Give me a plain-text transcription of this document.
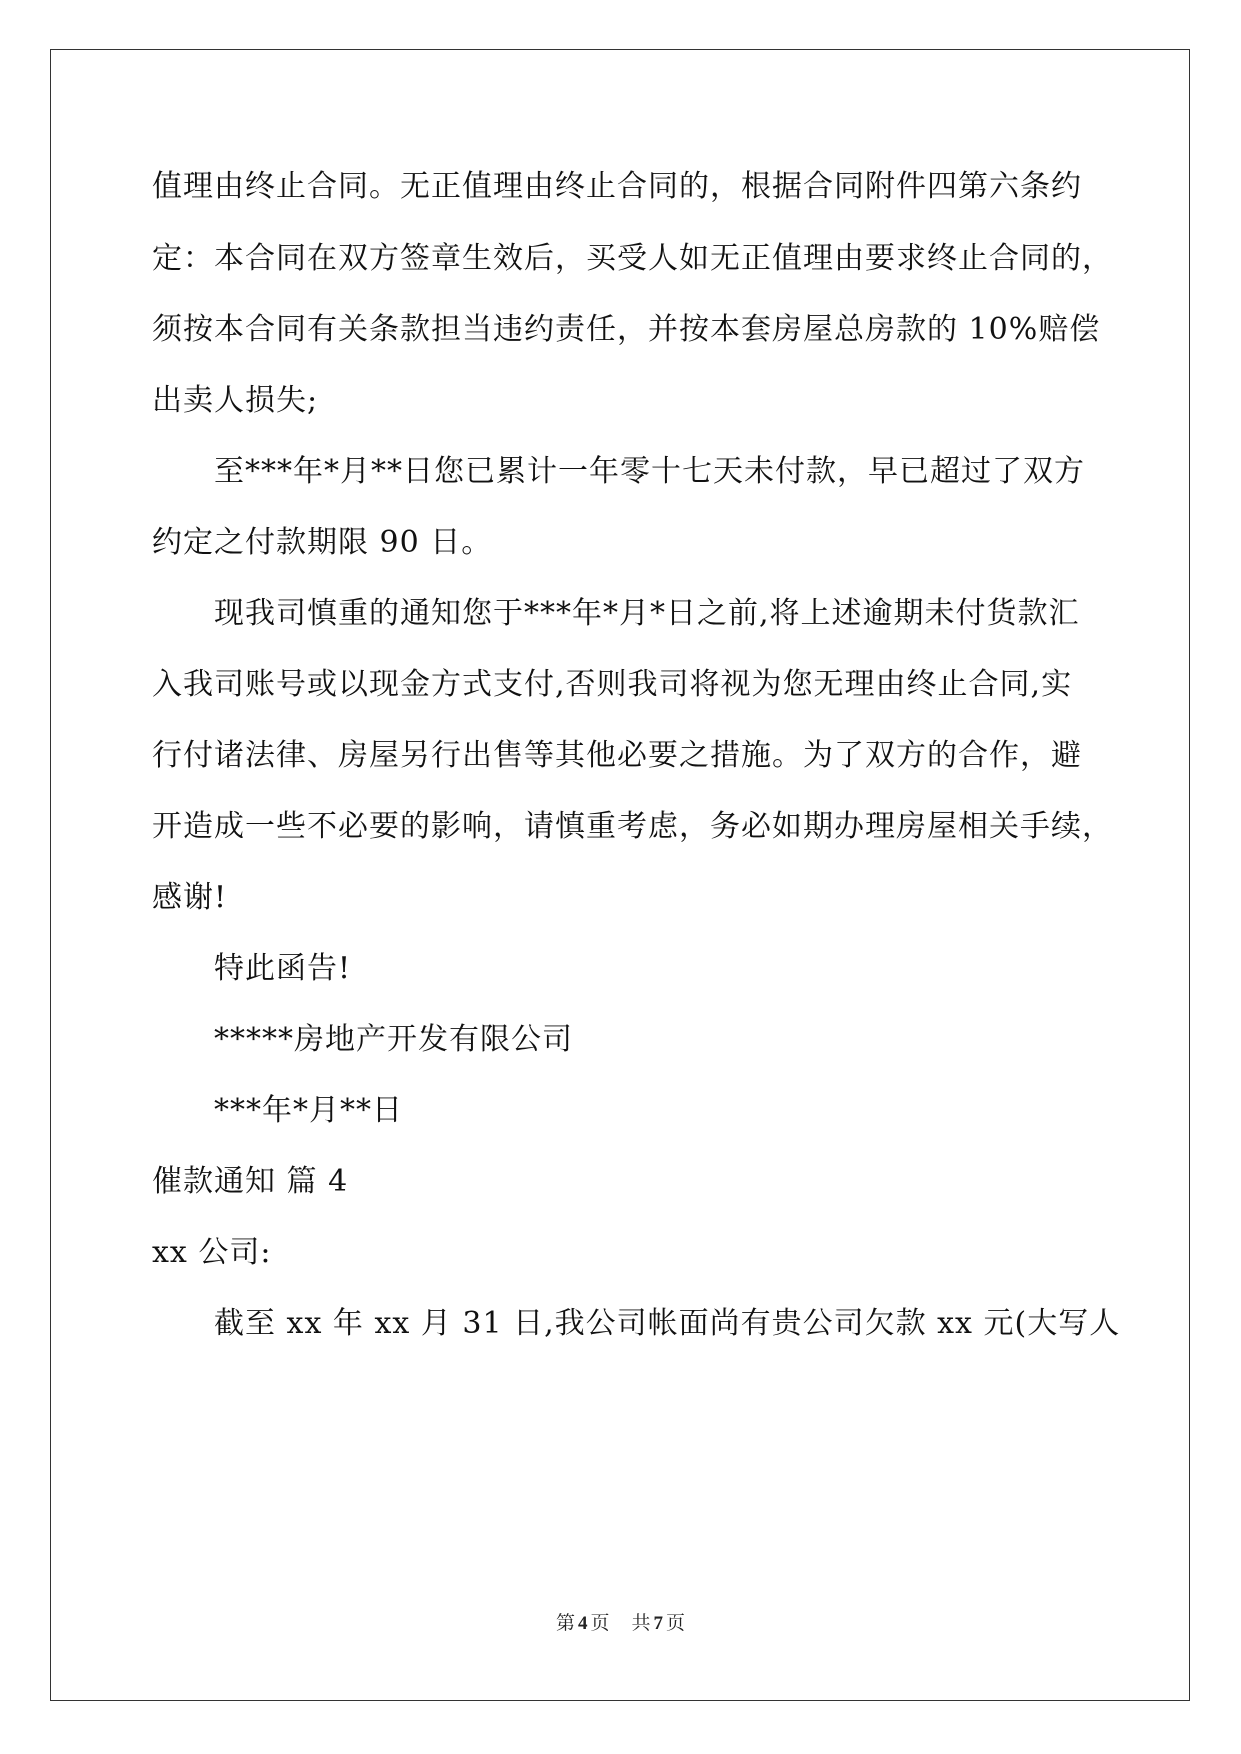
值理由终止合同。无正值理由终止合同的，根据合同附件四第六条约
定：本合同在双方签章生效后，买受人如无正值理由要求终止合同的，
须按本合同有关条款担当违约责任，并按本套房屋总房款的 10%赔偿
出卖人损失;
至***年*月**日您已累计一年零十七天未付款，早已超过了双方
约定之付款期限 90 日。
现我司慎重的通知您于***年*月*日之前,将上述逾期未付货款汇
入我司账号或以现金方式支付,否则我司将视为您无理由终止合同,实
行付诸法律、房屋另行出售等其他必要之措施。为了双方的合作，避
开造成一些不必要的影响，请慎重考虑，务必如期办理房屋相关手续，
感谢!
特此函告!
*****房地产开发有限公司
***年*月**日
催款通知 篇 4
xx 公司:
截至 xx 年 xx 月 31 日,我公司帐面尚有贵公司欠款 xx 元(大写人
第 4 页 共 7 页
